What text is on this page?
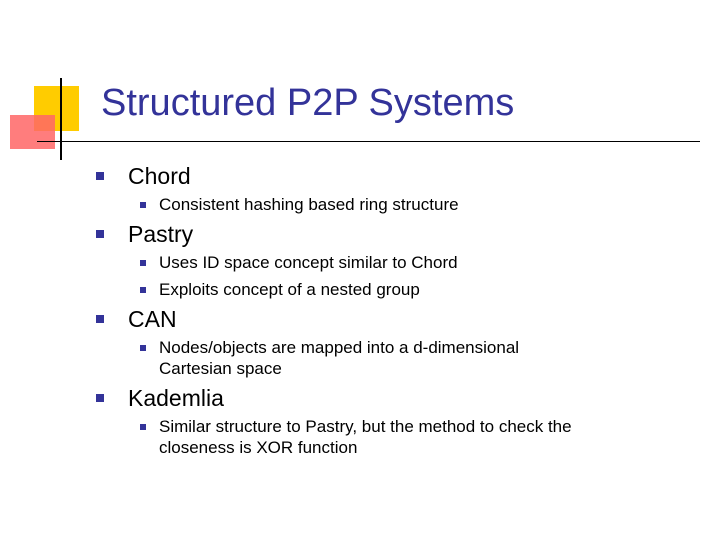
Structured P2P Systems
Chord
Consistent hashing based ring structure
Pastry
Uses ID space concept similar to Chord
Exploits concept of a nested group
CAN
Nodes/objects are mapped into a d-dimensional
Cartesian space
Kademlia
Similar structure to Pastry, but the method to check the
closeness is XOR function
